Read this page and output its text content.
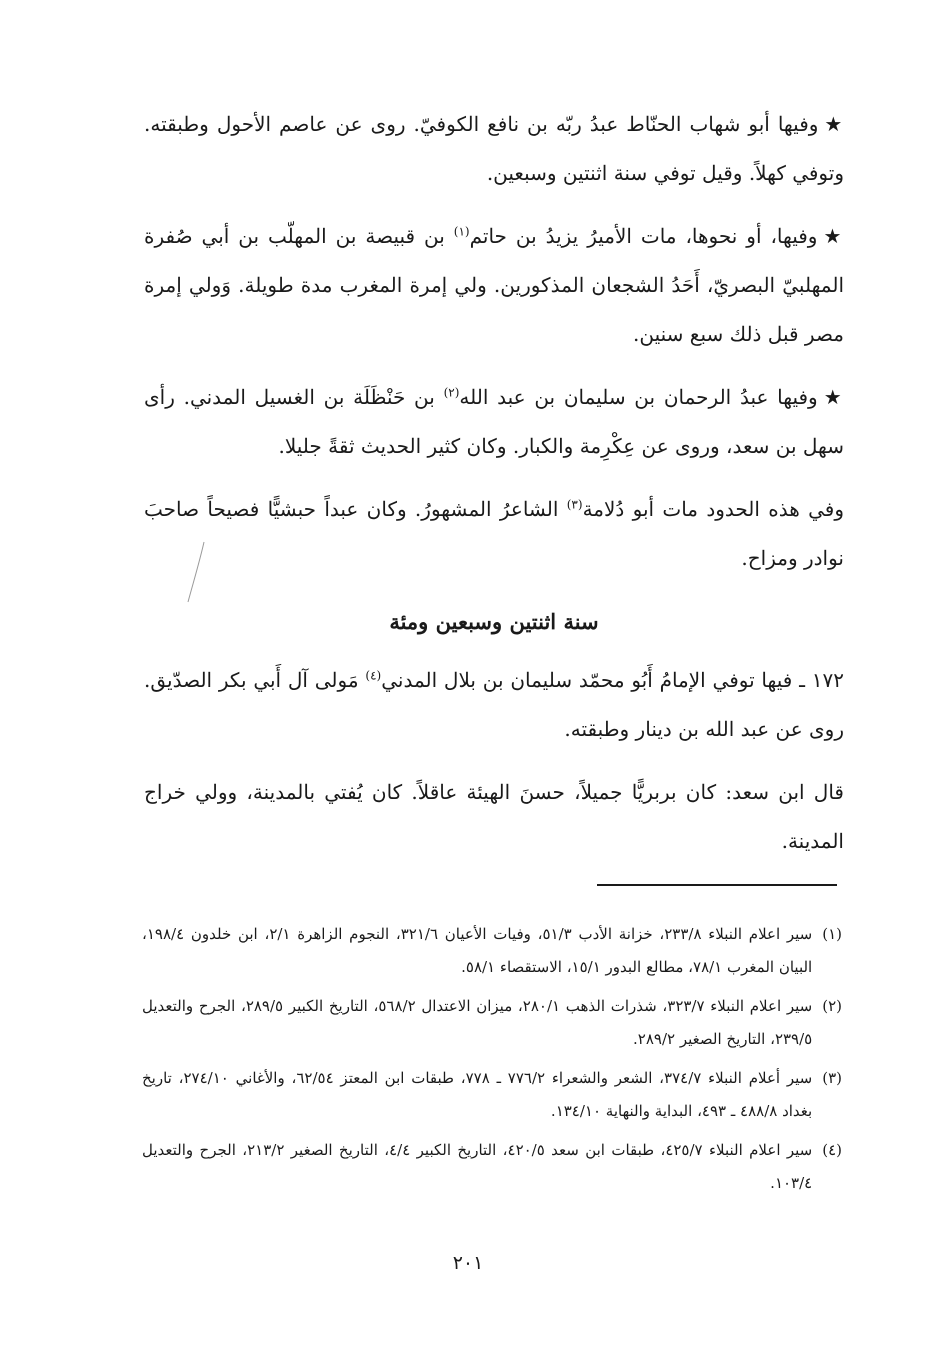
★وفيها أبو شهاب الحنّاط عبدُ ربّه بن نافع الكوفيّ. روى عن عاصم الأحول وطبقته. وتوفي كهلاً. وقيل توفي سنة اثنتين وسبعين.

★وفيها، أو نحوها، مات الأميرُ يزيدُ بن حاتم$^{(١)}$ بن قبيصة بن المهلّب بن أبي صُفرة المهلبيّ البصريّ، أَحَدُ الشجعان المذكورين. ولي إمرة المغرب مدة طويلة. وَولي إمرة مصر قبل ذلك سبع سنين.

★وفيها عبدُ الرحمان بن سليمان بن عبد الله$^{(٢)}$ بن حَنْظَلَة بن الغسيل المدني. رأى سهل بن سعد، وروى عن عِكْرِمة والكبار. وكان كثير الحديث ثقةً جليلا.

وفي هذه الحدود مات أبو دُلامة$^{(٣)}$ الشاعرُ المشهورُ. وكان عبداً حبشيًّا فصيحاً صاحبَ نوادر ومزاح.

سنة اثنتين وسبعين ومئة

١٧٢ ـ فيها توفي الإمامُ أَبُو محمّد سليمان بن بلال المدني$^{(٤)}$ مَولى آل أَبي بكر الصدّيق. روى عن عبد الله بن دينار وطبقته.

قال ابن سعد: كان بربريًّا جميلاً، حسنَ الهيئة عاقلاً. كان يُفتي بالمدينة، وولي خراج المدينة.

(١)
سير اعلام النبلاء ٢٣٣/٨، خزانة الأدب ٥١/٣، وفيات الأعيان ٣٢١/٦، النجوم الزاهرة ٢/١، ابن خلدون ١٩٨/٤، البيان المغرب ٧٨/١، مطالع البدور ١٥/١، الاستقصاء ٥٨/١.
(٢)
سير اعلام النبلاء ٣٢٣/٧، شذرات الذهب ٢٨٠/١، ميزان الاعتدال ٥٦٨/٢، التاريخ الكبير ٢٨٩/٥، الجرح والتعديل ٢٣٩/٥، التاريخ الصغير ٢٨٩/٢.
(٣)
سير أعلام النبلاء ٣٧٤/٧، الشعر والشعراء ٧٧٦/٢ ـ ٧٧٨، طبقات ابن المعتز ٦٢/٥٤، والأغاني ٢٧٤/١٠، تاريخ بغداد ٤٨٨/٨ ـ ٤٩٣، البداية والنهاية ١٣٤/١٠.
(٤)
سير اعلام النبلاء ٤٢٥/٧، طبقات ابن سعد ٤٢٠/٥، التاريخ الكبير ٤/٤، التاريخ الصغير ٢١٣/٢، الجرح والتعديل ١٠٣/٤.
٢٠١
